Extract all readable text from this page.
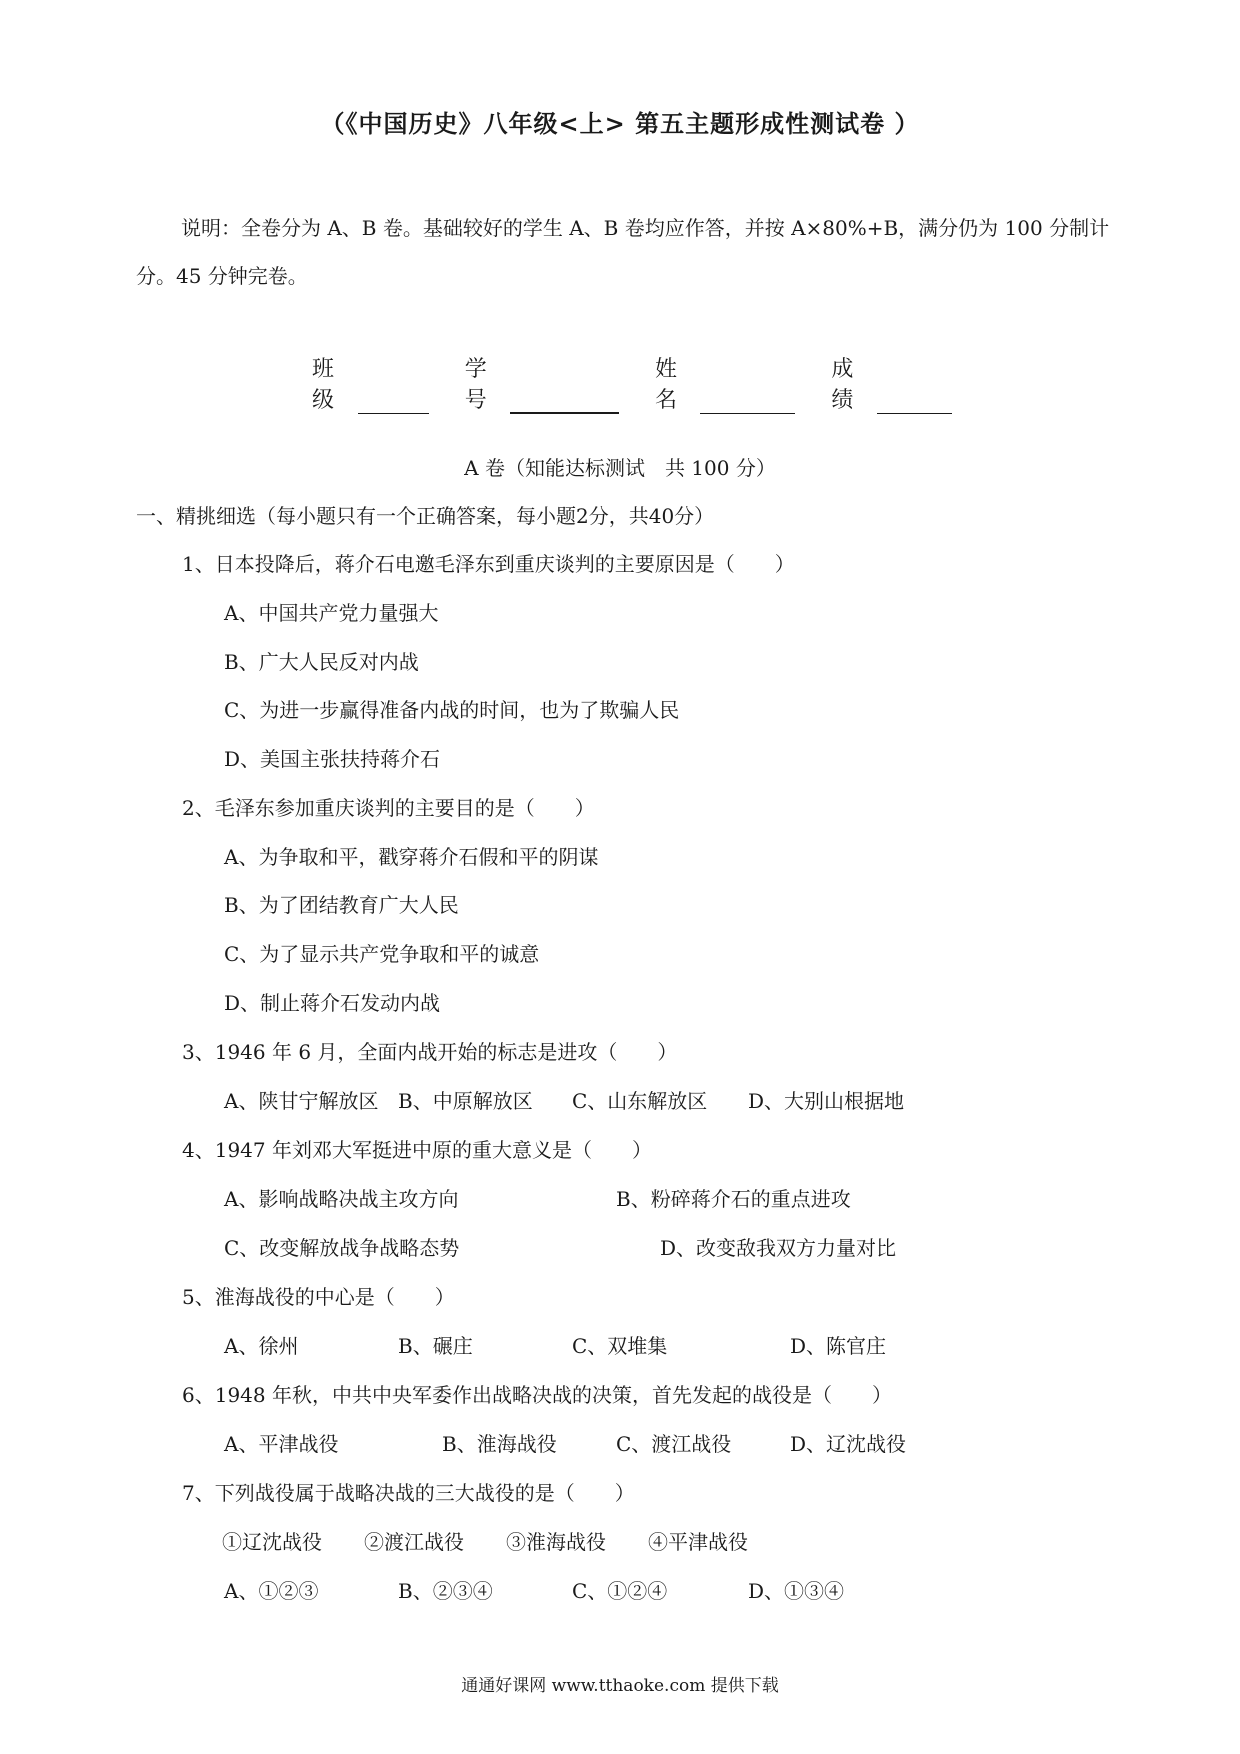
（《中国历史》八年级<上> 第五主题形成性测试卷 ）
说明：全卷分为 A、B 卷。基础较好的学生 A、B 卷均应作答，并按 A×80%+B，满分仍为 100 分制计分。45 分钟完卷。
班级
学号
姓名
成绩
A 卷（知能达标测试　共 100 分）
一、精挑细选（每小题只有一个正确答案，每小题2分，共40分）
1、日本投降后，蒋介石电邀毛泽东到重庆谈判的主要原因是（　　）
A、中国共产党力量强大
B、广大人民反对内战
C、为进一步赢得准备内战的时间，也为了欺骗人民
D、美国主张扶持蒋介石
2、毛泽东参加重庆谈判的主要目的是（　　）
A、为争取和平，戳穿蒋介石假和平的阴谋
B、为了团结教育广大人民
C、为了显示共产党争取和平的诚意
D、制止蒋介石发动内战
3、1946 年 6 月，全面内战开始的标志是进攻（　　）
A、陕甘宁解放区 B、中原解放区 C、山东解放区 D、大别山根据地
4、1947 年刘邓大军挺进中原的重大意义是（　　）
A、影响战略决战主攻方向	B、粉碎蒋介石的重点进攻
C、改变解放战争战略态势	D、改变敌我双方力量对比
5、淮海战役的中心是（　　）
A、徐州	B、碾庄	C、双堆集	D、陈官庄
6、1948 年秋，中共中央军委作出战略决战的决策，首先发起的战役是（　　）
A、平津战役	B、淮海战役	C、渡江战役	D、辽沈战役
7、下列战役属于战略决战的三大战役的是（　　）
①辽沈战役 ②渡江战役 ③淮海战役 ④平津战役
A、①②③	B、②③④	C、①②④	D、①③④
通通好课网 www.tthaoke.com 提供下载
